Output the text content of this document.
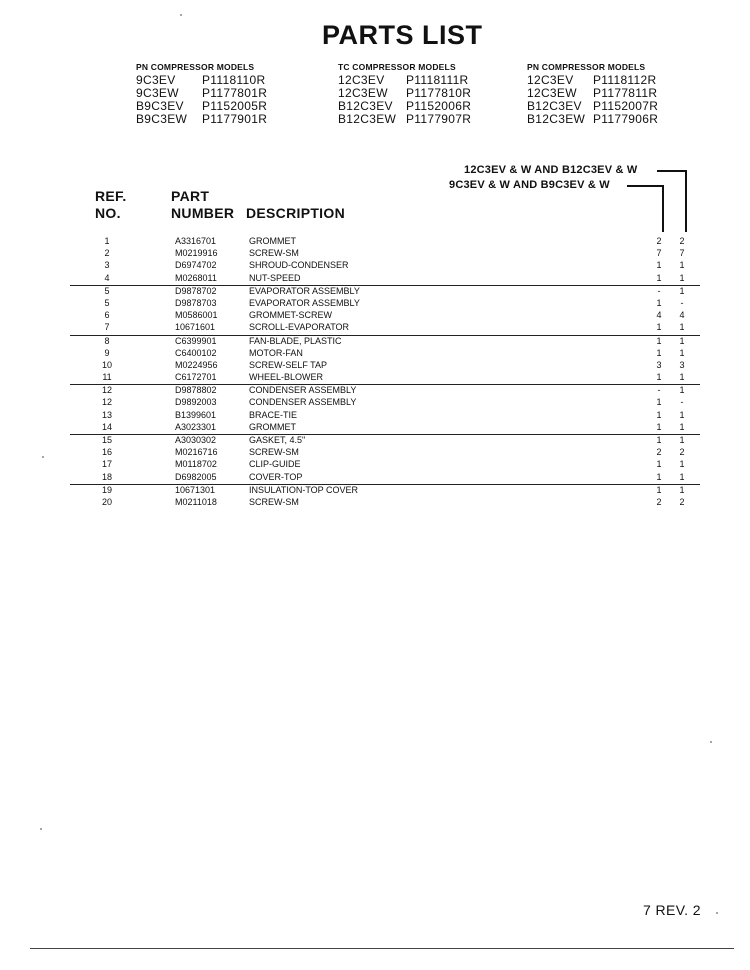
PARTS LIST
PN COMPRESSOR MODELS
9C3EV	P1118110R
9C3EW	P1177801R
B9C3EV	P1152005R
B9C3EW	P1177901R
TC COMPRESSOR MODELS
12C3EV	P1118111R
12C3EW	P1177810R
B12C3EV	P1152006R
B12C3EW P1177907R
PN COMPRESSOR MODELS
12C3EV	P1118112R
12C3EW	P1177811R
B12C3EV P1152007R
B12C3EW P1177906R
12C3EV & W AND B12C3EV & W
9C3EV & W AND B9C3EV & W
REF.
NO.
PART
NUMBER DESCRIPTION
1	A3316701	GROMMET	2 2
2	M0219916	SCREW-SM	7 7
3	D6974702	SHROUD-CONDENSER	1 1
4	M0268011	NUT-SPEED	1 1
5	D9878702	EVAPORATOR ASSEMBLY	-	1
5	D9878703	EVAPORATOR ASSEMBLY	1	-
6	M0586001	GROMMET-SCREW	4 4
7	10671601	SCROLL-EVAPORATOR	1 1
8	C6399901	FAN-BLADE, PLASTIC	1 1
9	C6400102	MOTOR-FAN	1 1
10	M0224956	SCREW-SELF TAP	3 3
11	C6172701	WHEEL-BLOWER	1 1
12	D9878802	CONDENSER ASSEMBLY	-	1
12	D9892003	CONDENSER ASSEMBLY	1	-
13	B1399601	BRACE-TIE	1 1
14	A3023301	GROMMET	1 1
15	A3030302	GASKET, 4.5"	1 1
16	M0216716	SCREW-SM	2 2
17	M0118702	CLIP-GUIDE	1 1
18	D6982005	COVER-TOP	1 1
19	10671301	INSULATION-TOP COVER	1 1
20	M0211018	SCREW-SM	2 2
7 REV. 2
